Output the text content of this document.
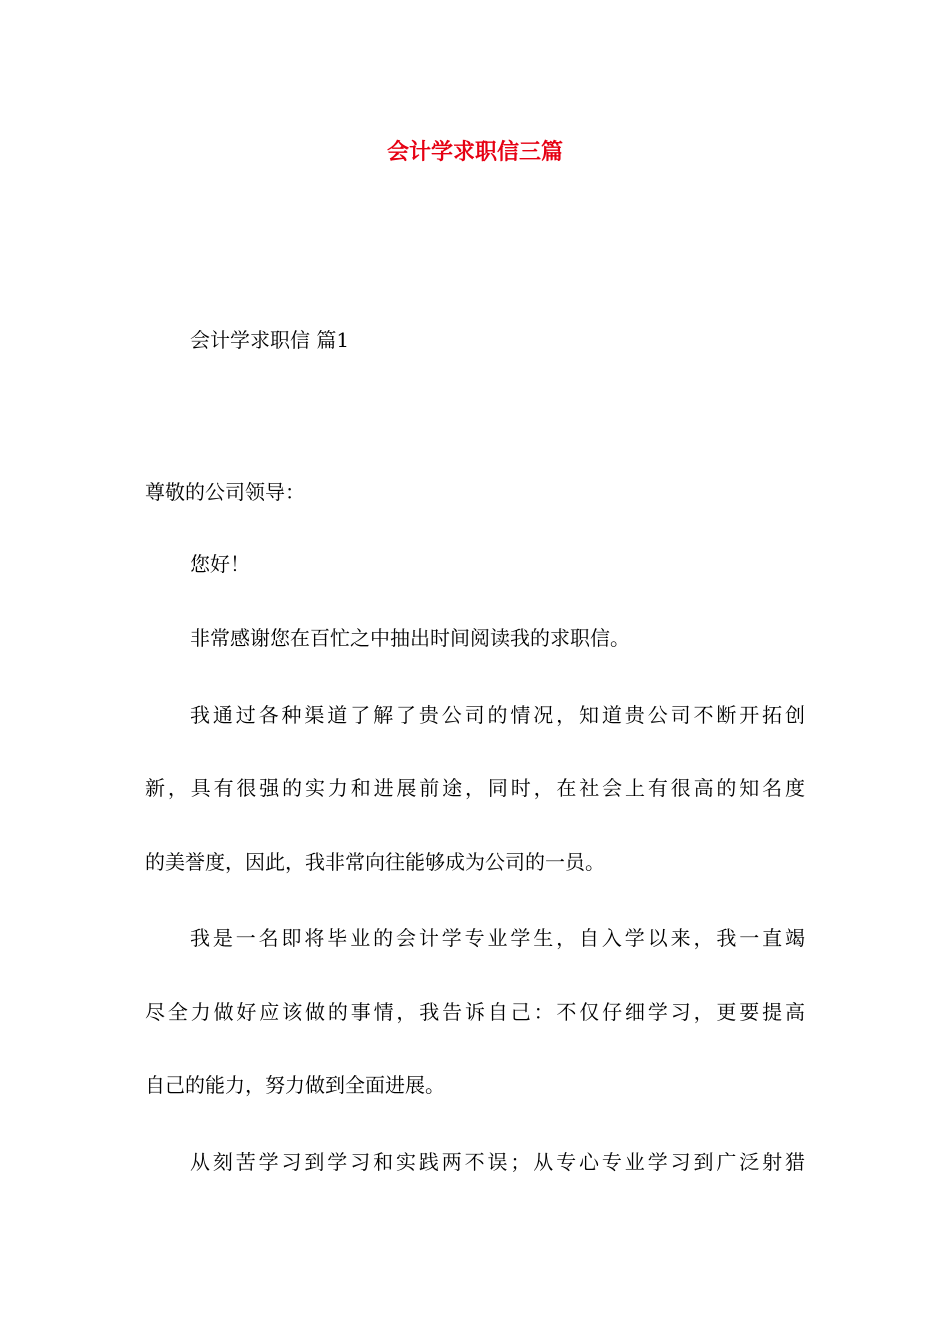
会计学求职信三篇
会计学求职信 篇1
尊敬的公司领导：
您好！
非常感谢您在百忙之中抽出时间阅读我的求职信。
我通过各种渠道了解了贵公司的情况，知道贵公司不断开拓创
新，具有很强的实力和进展前途，同时，在社会上有很高的知名度
的美誉度，因此，我非常向往能够成为公司的一员。
我是一名即将毕业的会计学专业学生，自入学以来，我一直竭
尽全力做好应该做的事情，我告诉自己：不仅仔细学习，更要提高
自己的能力，努力做到全面进展。
从刻苦学习到学习和实践两不误；从专心专业学习到广泛射猎
